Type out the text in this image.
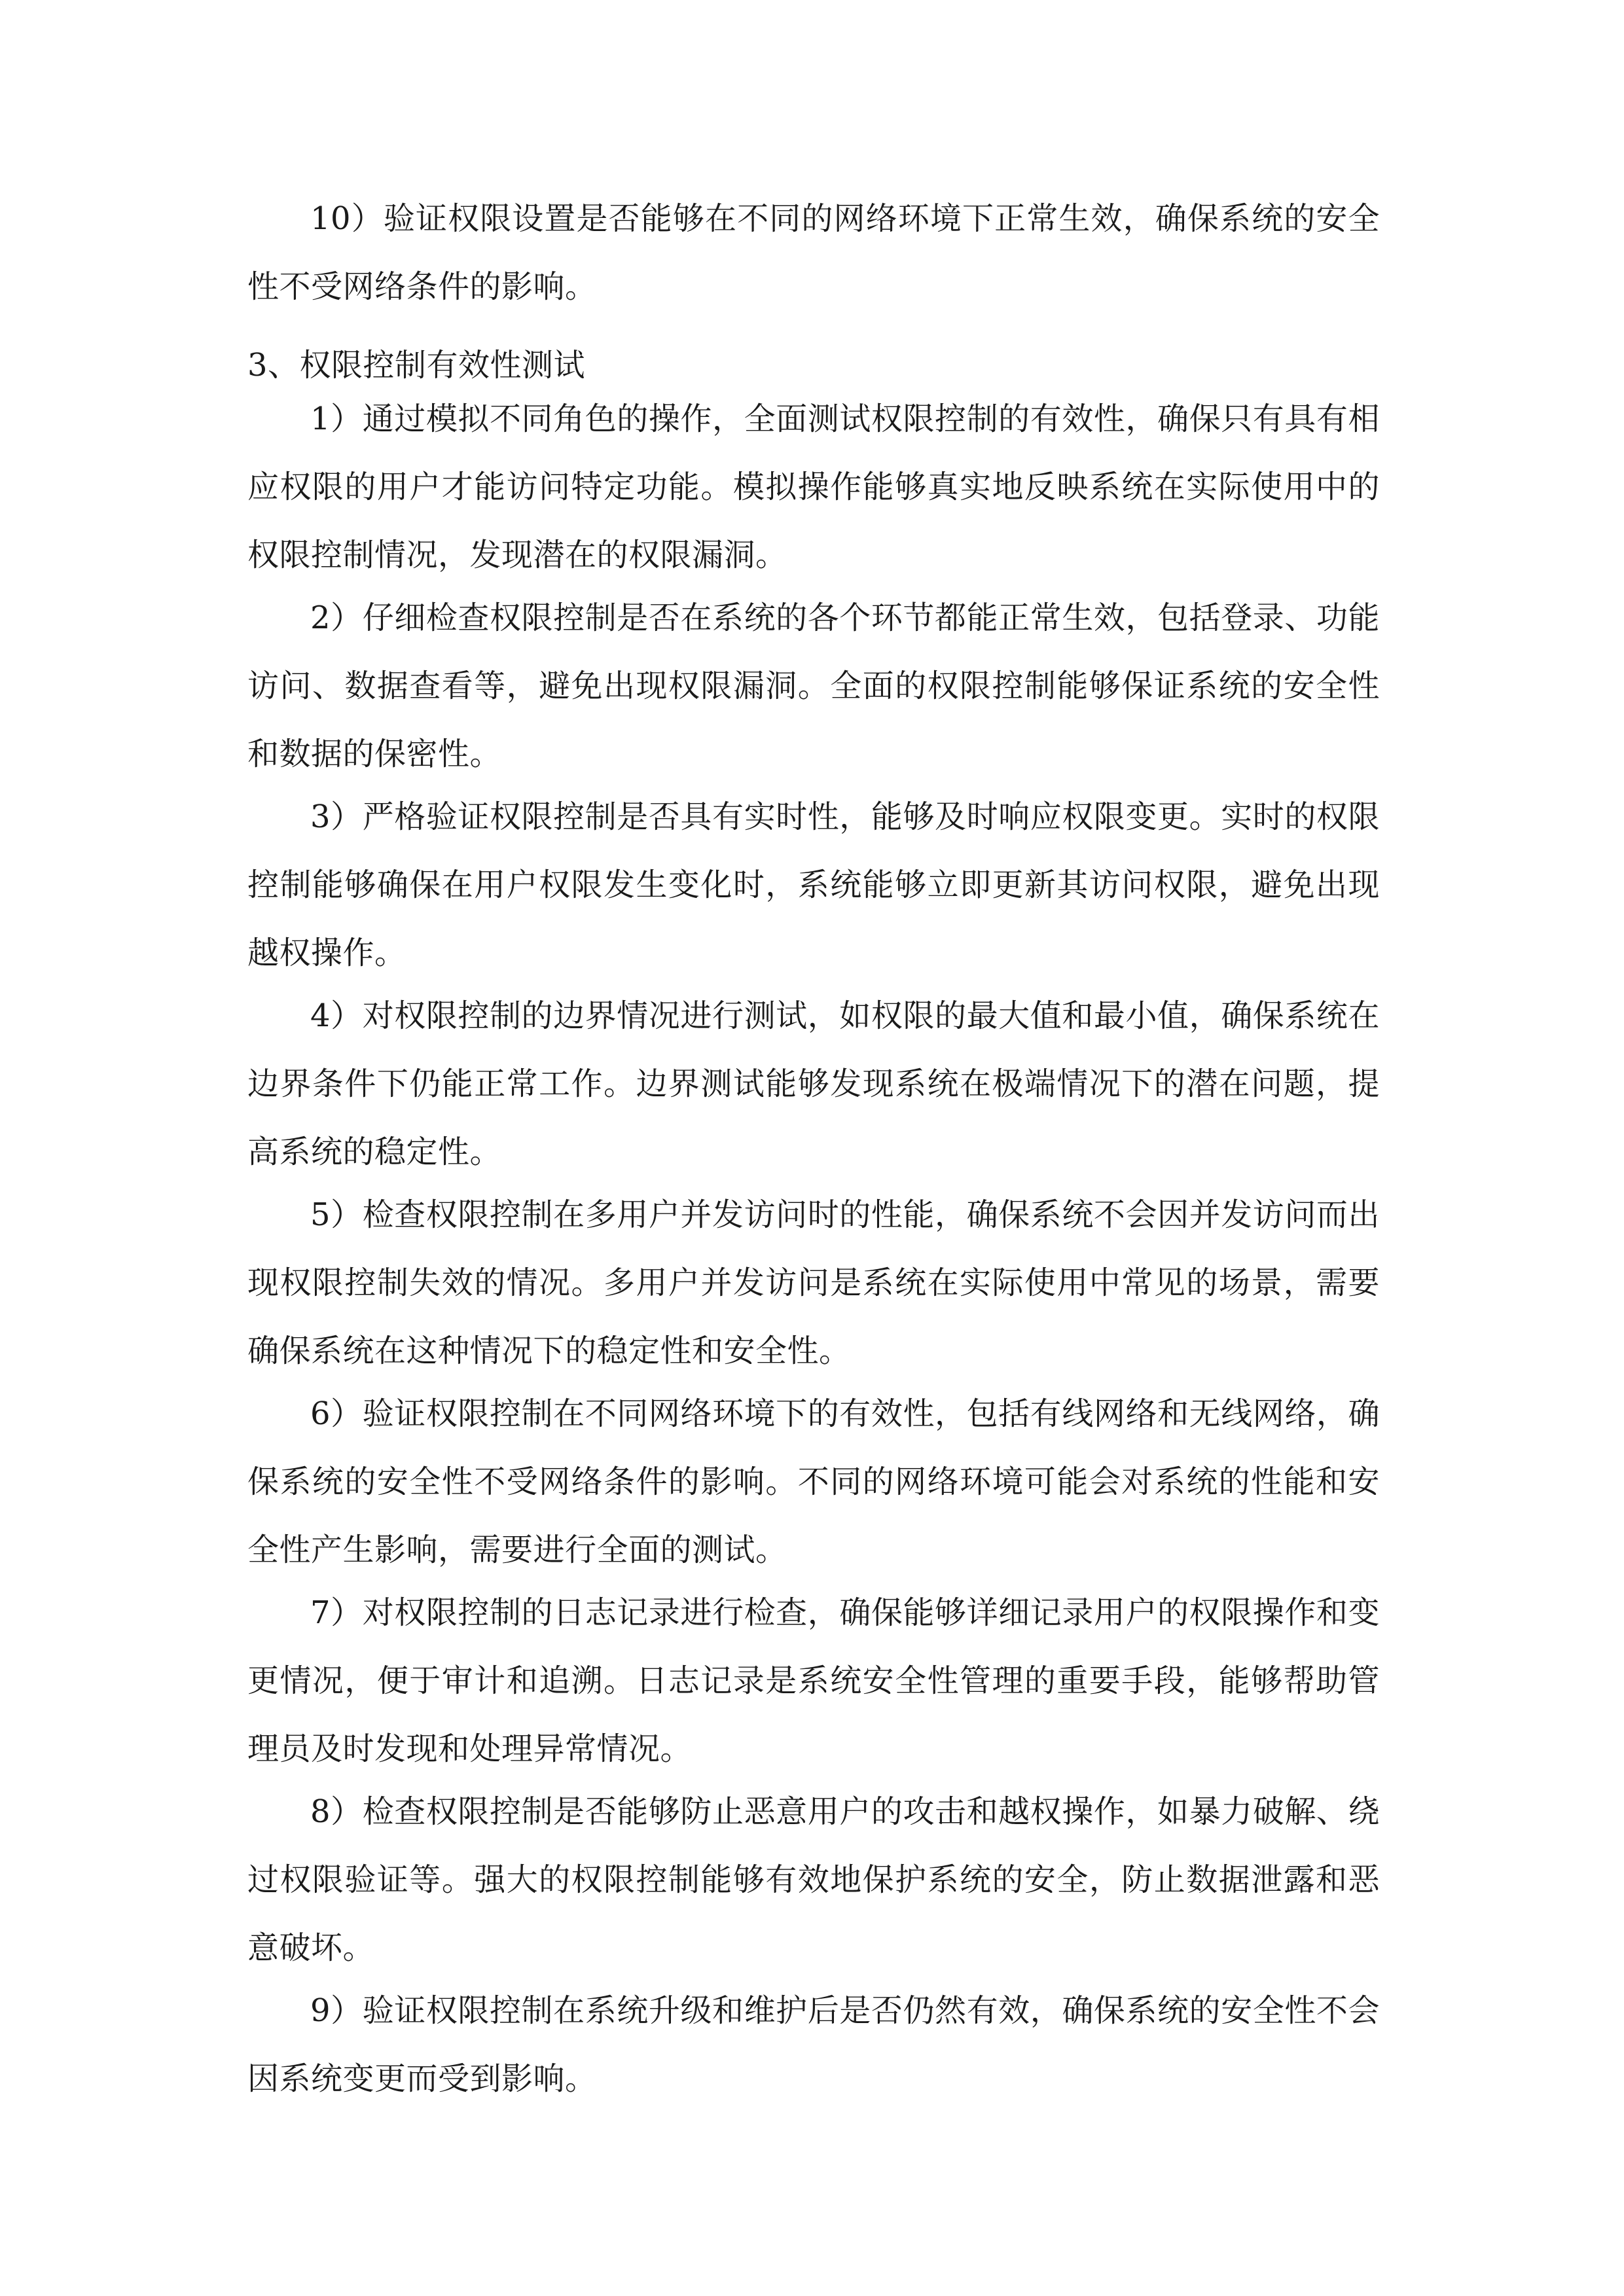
10）验证权限设置是否能够在不同的网络环境下正常生效，确保系统的安全性不受网络条件的影响。

3、权限控制有效性测试

1）通过模拟不同角色的操作，全面测试权限控制的有效性，确保只有具有相应权限的用户才能访问特定功能。模拟操作能够真实地反映系统在实际使用中的权限控制情况，发现潜在的权限漏洞。

2）仔细检查权限控制是否在系统的各个环节都能正常生效，包括登录、功能访问、数据查看等，避免出现权限漏洞。全面的权限控制能够保证系统的安全性和数据的保密性。

3）严格验证权限控制是否具有实时性，能够及时响应权限变更。实时的权限控制能够确保在用户权限发生变化时，系统能够立即更新其访问权限，避免出现越权操作。

4）对权限控制的边界情况进行测试，如权限的最大值和最小值，确保系统在边界条件下仍能正常工作。边界测试能够发现系统在极端情况下的潜在问题，提高系统的稳定性。

5）检查权限控制在多用户并发访问时的性能，确保系统不会因并发访问而出现权限控制失效的情况。多用户并发访问是系统在实际使用中常见的场景，需要确保系统在这种情况下的稳定性和安全性。

6）验证权限控制在不同网络环境下的有效性，包括有线网络和无线网络，确保系统的安全性不受网络条件的影响。不同的网络环境可能会对系统的性能和安全性产生影响，需要进行全面的测试。

7）对权限控制的日志记录进行检查，确保能够详细记录用户的权限操作和变更情况，便于审计和追溯。日志记录是系统安全性管理的重要手段，能够帮助管理员及时发现和处理异常情况。

8）检查权限控制是否能够防止恶意用户的攻击和越权操作，如暴力破解、绕过权限验证等。强大的权限控制能够有效地保护系统的安全，防止数据泄露和恶意破坏。

9）验证权限控制在系统升级和维护后是否仍然有效，确保系统的安全性不会因系统变更而受到影响。
